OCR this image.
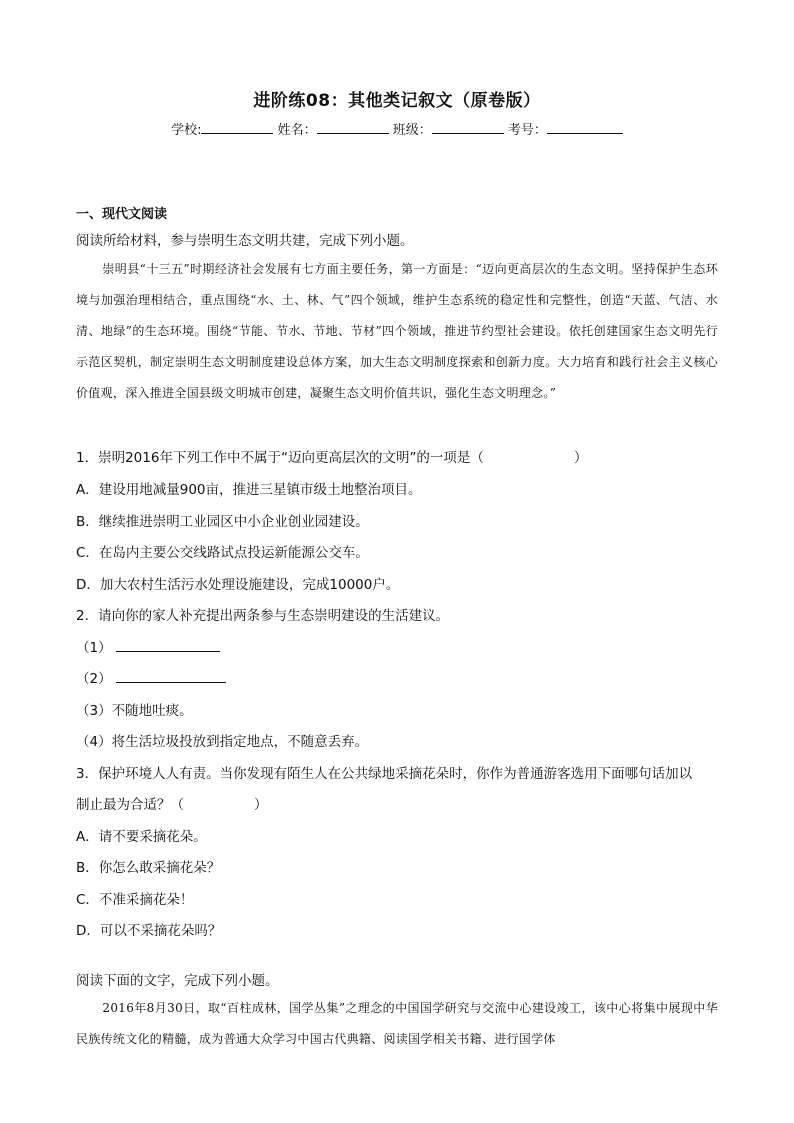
进阶练08：其他类记叙文（原卷版）
学校:	姓名：	班级：	考号：
一、现代文阅读
阅读所给材料，参与崇明生态文明共建，完成下列小题。

崇明县“十三五”时期经济社会发展有七方面主要任务，第一方面是：“迈向更高层次的生态文明。坚持保护生态环境与加强治理相结合，重点围绕“水、土、林、气”四个领域，维护生态系统的稳定性和完整性，创造“天蓝、气洁、水清、地绿”的生态环境。围绕“节能、节水、节地、节材”四个领域，推进节约型社会建设。依托创建国家生态文明先行示范区契机，制定崇明生态文明制度建设总体方案，加大生态文明制度探索和创新力度。大力培育和践行社会主义核心价值观，深入推进全国县级文明城市创建，凝聚生态文明价值共识，强化生态文明理念。”

1．崇明2016年下列工作中不属于“迈向更高层次的文明”的一项是（	）
A．建设用地减量900亩，推进三星镇市级土地整治项目。
B．继续推进崇明工业园区中小企业创业园建设。
C．在岛内主要公交线路试点投运新能源公交车。
D．加大农村生活污水处理设施建设，完成10000户。
2．请向你的家人补充提出两条参与生态崇明建设的生活建议。
（1）
（2）
（3）不随地吐痰。
（4）将生活垃圾投放到指定地点，不随意丢弃。
3．保护环境人人有责。当你发现有陌生人在公共绿地采摘花朵时，你作为普通游客选用下面哪句话加以
制止最为合适？（	）
A．请不要采摘花朵。
B．你怎么敢采摘花朵？
C．不准采摘花朵！
D．可以不采摘花朵吗？
阅读下面的文字，完成下列小题。

2016年8月30日，取“百柱成林，国学丛集”之理念的中国国学研究与交流中心建设竣工，该中心将集中展现中华民族传统文化的精髓，成为普通大众学习中国古代典籍、阅读国学相关书籍、进行国学体
